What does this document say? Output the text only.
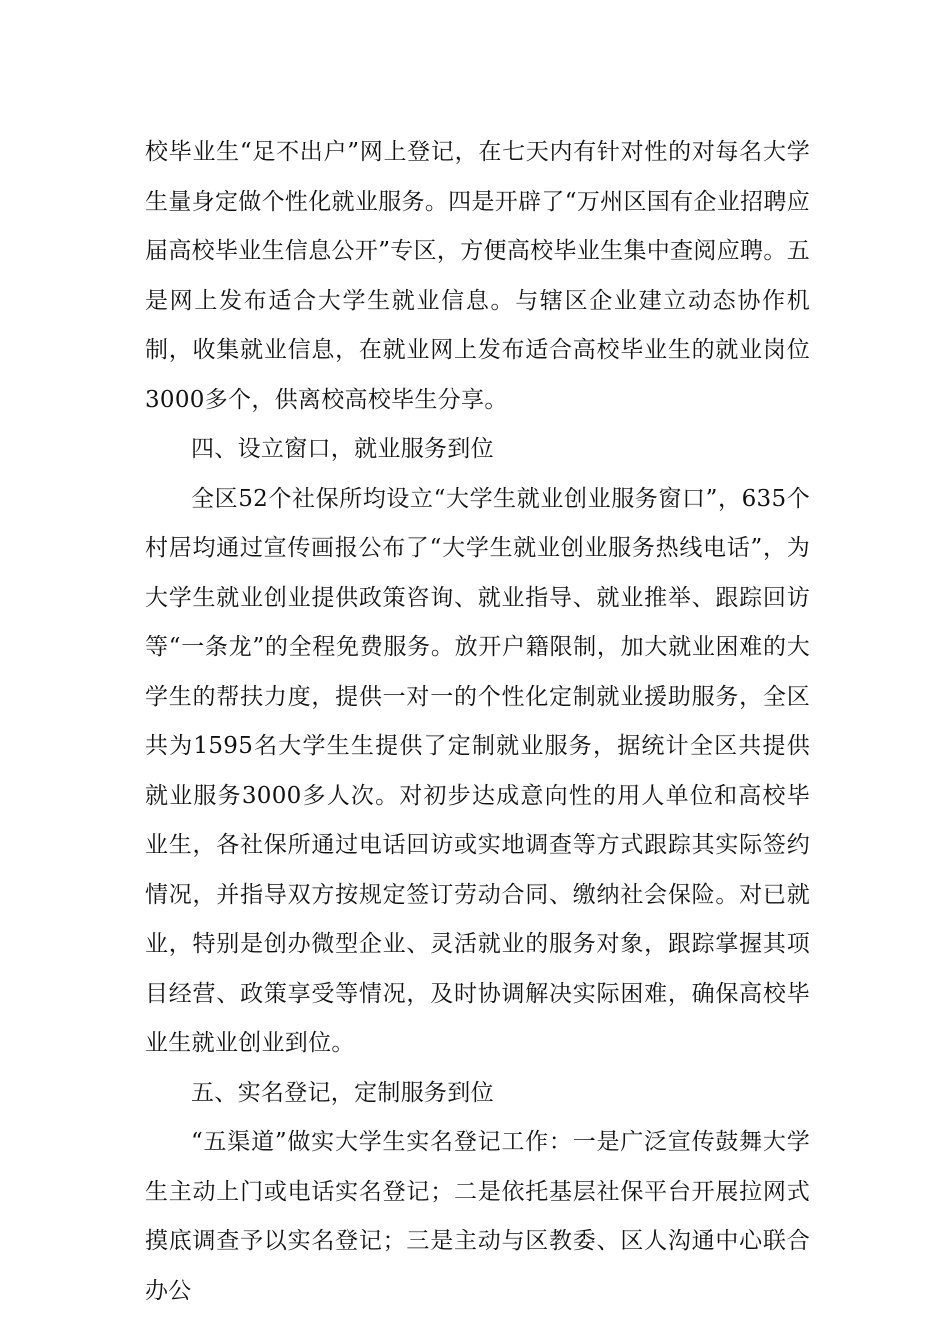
校毕业生“足不出户”网上登记，在七天内有针对性的对每名大学生量身定做个性化就业服务。四是开辟了“万州区国有企业招聘应届高校毕业生信息公开”专区，方便高校毕业生集中查阅应聘。五是网上发布适合大学生就业信息。与辖区企业建立动态协作机制，收集就业信息，在就业网上发布适合高校毕业生的就业岗位3000多个，供离校高校毕生分享。

四、设立窗口，就业服务到位

全区52个社保所均设立“大学生就业创业服务窗口”，635个村居均通过宣传画报公布了“大学生就业创业服务热线电话”，为大学生就业创业提供政策咨询、就业指导、就业推举、跟踪回访等“一条龙”的全程免费服务。放开户籍限制，加大就业困难的大学生的帮扶力度，提供一对一的个性化定制就业援助服务，全区共为1595名大学生生提供了定制就业服务，据统计全区共提供就业服务3000多人次。对初步达成意向性的用人单位和高校毕业生，各社保所通过电话回访或实地调查等方式跟踪其实际签约情况，并指导双方按规定签订劳动合同、缴纳社会保险。对已就业，特别是创办微型企业、灵活就业的服务对象，跟踪掌握其项目经营、政策享受等情况，及时协调解决实际困难，确保高校毕业生就业创业到位。

五、实名登记，定制服务到位

“五渠道”做实大学生实名登记工作：一是广泛宣传鼓舞大学生主动上门或电话实名登记；二是依托基层社保平台开展拉网式摸底调查予以实名登记；三是主动与区教委、区人沟通中心联合办公
